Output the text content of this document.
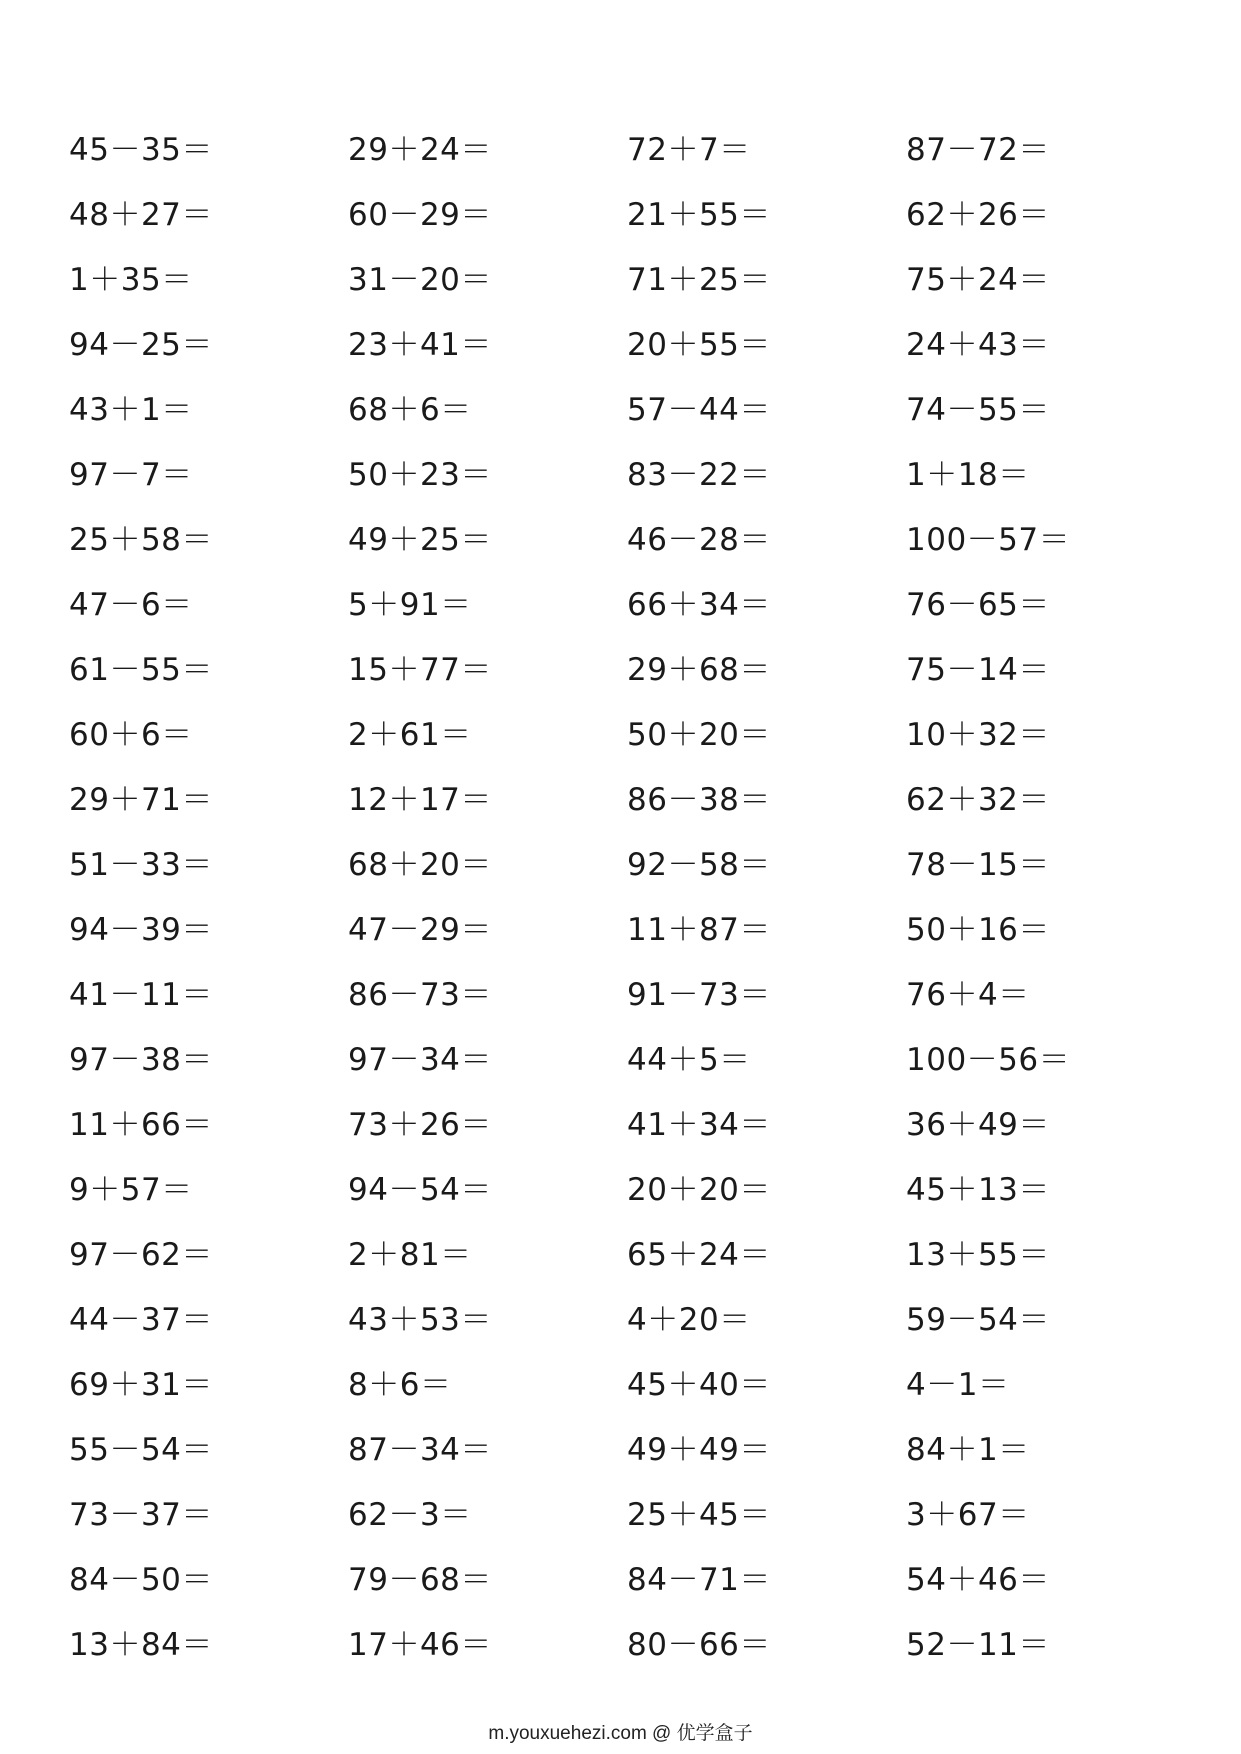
45－35＝
48＋27＝
1＋35＝
94－25＝
43＋1＝
97－7＝
25＋58＝
47－6＝
61－55＝
60＋6＝
29＋71＝
51－33＝
94－39＝
41－11＝
97－38＝
11＋66＝
9＋57＝
97－62＝
44－37＝
69＋31＝
55－54＝
73－37＝
84－50＝
13＋84＝
29＋24＝
60－29＝
31－20＝
23＋41＝
68＋6＝
50＋23＝
49＋25＝
5＋91＝
15＋77＝
2＋61＝
12＋17＝
68＋20＝
47－29＝
86－73＝
97－34＝
73＋26＝
94－54＝
2＋81＝
43＋53＝
8＋6＝
87－34＝
62－3＝
79－68＝
17＋46＝
72＋7＝
21＋55＝
71＋25＝
20＋55＝
57－44＝
83－22＝
46－28＝
66＋34＝
29＋68＝
50＋20＝
86－38＝
92－58＝
11＋87＝
91－73＝
44＋5＝
41＋34＝
20＋20＝
65＋24＝
4＋20＝
45＋40＝
49＋49＝
25＋45＝
84－71＝
80－66＝
87－72＝
62＋26＝
75＋24＝
24＋43＝
74－55＝
1＋18＝
100－57＝
76－65＝
75－14＝
10＋32＝
62＋32＝
78－15＝
50＋16＝
76＋4＝
100－56＝
36＋49＝
45＋13＝
13＋55＝
59－54＝
4－1＝
84＋1＝
3＋67＝
54＋46＝
52－11＝
m.youxuehezi.com @ 优学盒子
